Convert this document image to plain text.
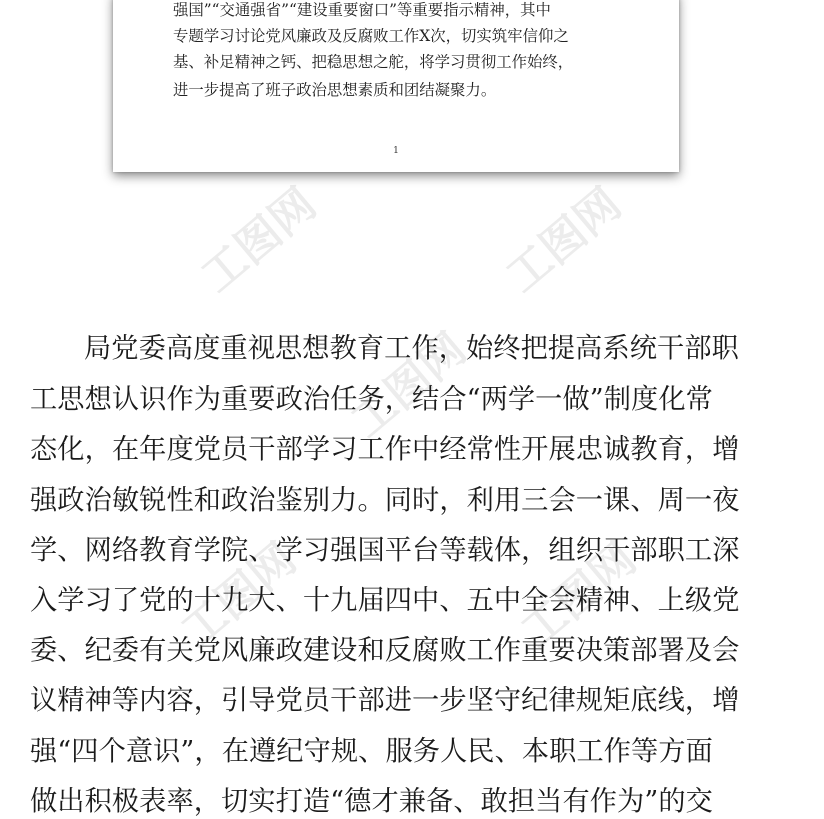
工图网	工图网
工图网
工图网	工图网
强国”“交通强省”“建设重要窗口”等重要指示精神，其中
专题学习讨论党风廉政及反腐败工作X次，切实筑牢信仰之
基、补足精神之钙、把稳思想之舵，将学习贯彻工作始终，
进一步提高了班子政治思想素质和团结凝聚力。
1
局党委高度重视思想教育工作，始终把提高系统干部职
工思想认识作为重要政治任务，结合“两学一做”制度化常
态化，在年度党员干部学习工作中经常性开展忠诚教育，增
强政治敏锐性和政治鉴别力。同时，利用三会一课、周一夜
学、网络教育学院、学习强国平台等载体，组织干部职工深
入学习了党的十九大、十九届四中、五中全会精神、上级党
委、纪委有关党风廉政建设和反腐败工作重要决策部署及会
议精神等内容，引导党员干部进一步坚守纪律规矩底线，增
强“四个意识”，在遵纪守规、服务人民、本职工作等方面
做出积极表率，切实打造“德才兼备、敢担当有作为”的交
